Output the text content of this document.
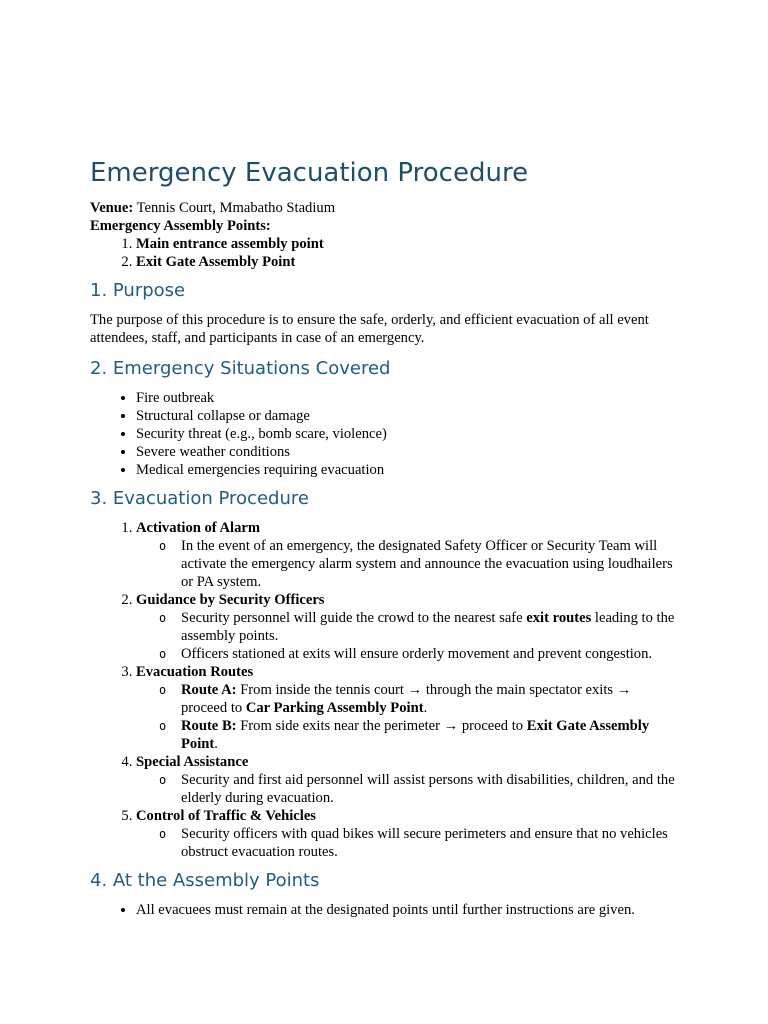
Emergency Evacuation Procedure

Venue: Tennis Court, Mmabatho Stadium

Emergency Assembly Points:

1. Main entrance assembly point
2. Exit Gate Assembly Point
1. Purpose

The purpose of this procedure is to ensure the safe, orderly, and efficient evacuation of all event attendees, staff, and participants in case of an emergency.

2. Emergency Situations Covered
• Fire outbreak
• Structural collapse or damage
• Security threat (e.g., bomb scare, violence)
• Severe weather conditions
• Medical emergencies requiring evacuation
3. Evacuation Procedure
1. Activation of Alarm
o In the event of an emergency, the designated Safety Officer or Security Team will activate the emergency alarm system and announce the evacuation using loudhailers or PA system.
2. Guidance by Security Officers
o Security personnel will guide the crowd to the nearest safe exit routes leading to the assembly points.
o Officers stationed at exits will ensure orderly movement and prevent congestion.
3. Evacuation Routes
o Route A: From inside the tennis court → through the main spectator exits → proceed to Car Parking Assembly Point.
o Route B: From side exits near the perimeter → proceed to Exit Gate Assembly Point.
4. Special Assistance
o Security and first aid personnel will assist persons with disabilities, children, and the elderly during evacuation.
5. Control of Traffic & Vehicles
o Security officers with quad bikes will secure perimeters and ensure that no vehicles obstruct evacuation routes.
4. At the Assembly Points
• All evacuees must remain at the designated points until further instructions are given.
